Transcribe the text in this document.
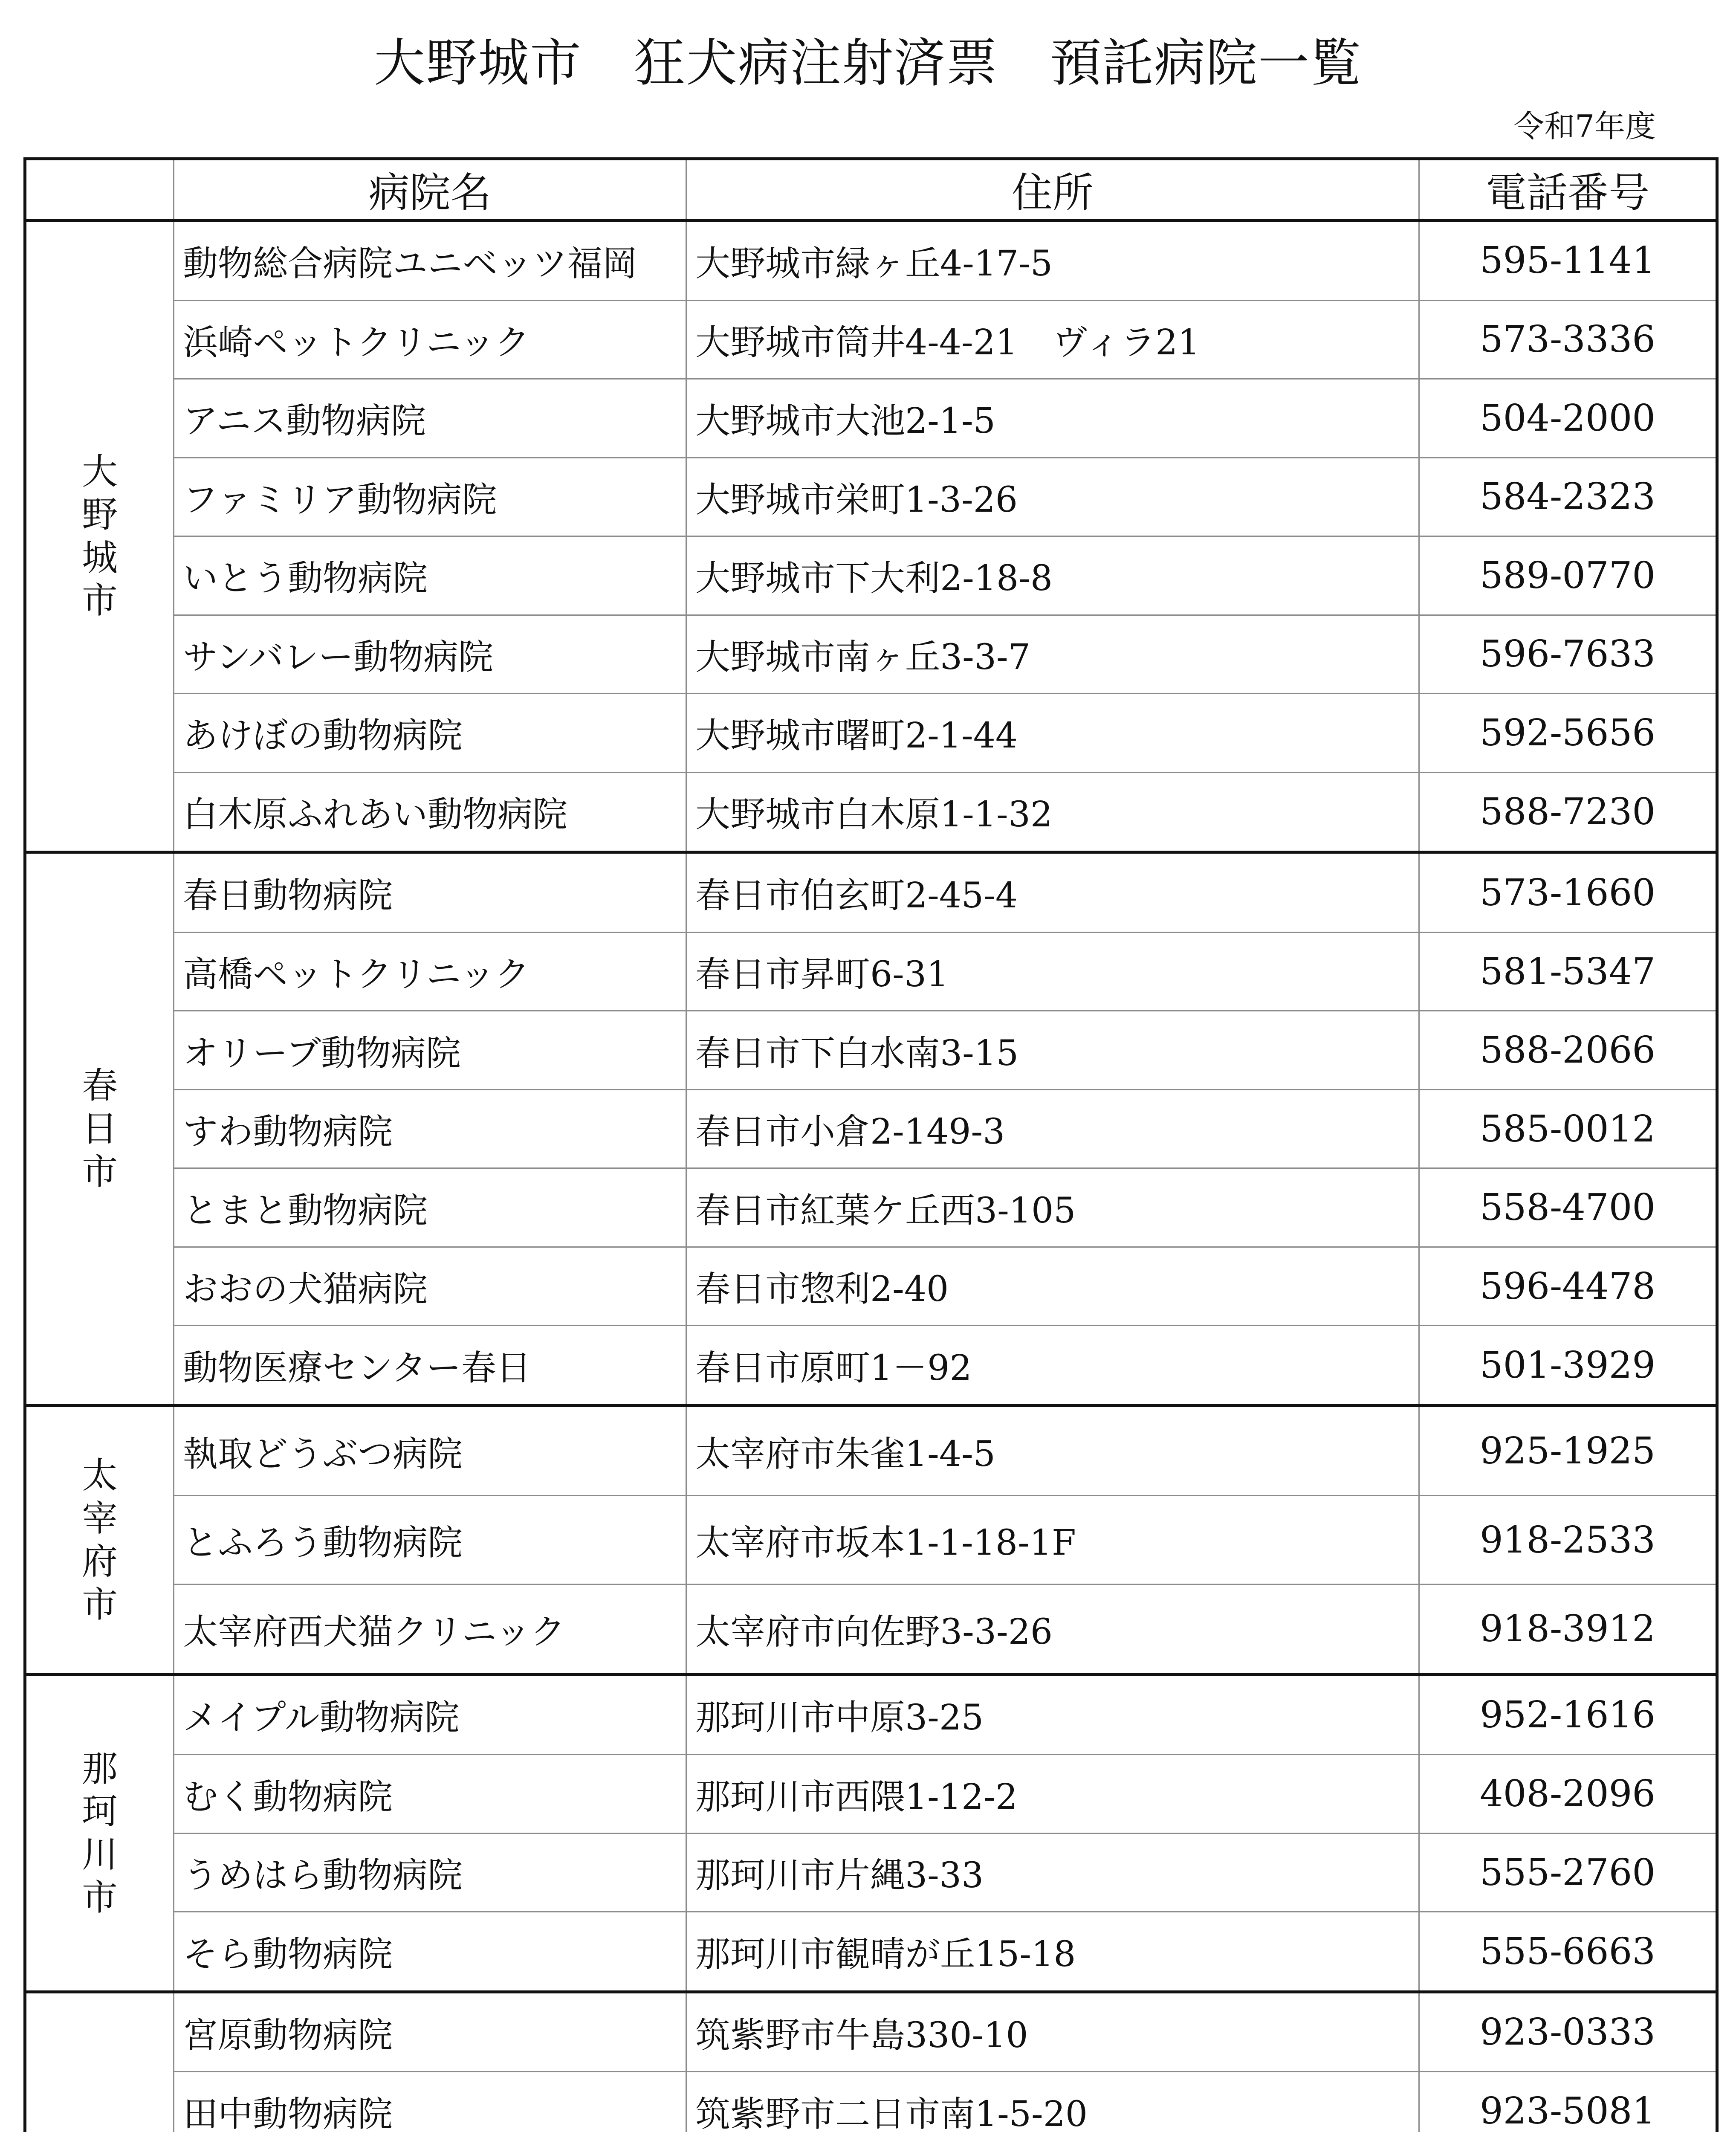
大野城市　狂犬病注射済票　預託病院一覧
令和7年度
	病院名	住所	電話番号

大
野
城
市	動物総合病院ユニベッツ福岡	大野城市緑ヶ丘4-17-5	595-1141
	浜崎ペットクリニック	大野城市筒井4-4-21　ヴィラ21	573-3336
	アニス動物病院	大野城市大池2-1-5	504-2000
	ファミリア動物病院	大野城市栄町1-3-26	584-2323
	いとう動物病院	大野城市下大利2-18-8	589-0770
	サンバレー動物病院	大野城市南ヶ丘3-3-7	596-7633
	あけぼの動物病院	大野城市曙町2-1-44	592-5656
	白木原ふれあい動物病院	大野城市白木原1-1-32	588-7230

春
日
市	春日動物病院	春日市伯玄町2-45-4	573-1660
	高橋ペットクリニック	春日市昇町6-31	581-5347
	オリーブ動物病院	春日市下白水南3-15	588-2066
	すわ動物病院	春日市小倉2-149-3	585-0012
	とまと動物病院	春日市紅葉ケ丘西3-105	558-4700
	おおの犬猫病院	春日市惣利2-40	596-4478
	動物医療センター春日	春日市原町1－92	501-3929

太
宰
府
市	執取どうぶつ病院	太宰府市朱雀1-4-5	925-1925
	とふろう動物病院	太宰府市坂本1-1-18-1F	918-2533
	太宰府西犬猫クリニック	太宰府市向佐野3-3-26	918-3912

那
珂
川
市	メイプル動物病院	那珂川市中原3-25	952-1616
	むく動物病院	那珂川市西隈1-12-2	408-2096
	うめはら動物病院	那珂川市片縄3-33	555-2760
	そら動物病院	那珂川市観晴が丘15-18	555-6663

	宮原動物病院	筑紫野市牛島330-10	923-0333
	田中動物病院	筑紫野市二日市南1-5-20	923-5081
